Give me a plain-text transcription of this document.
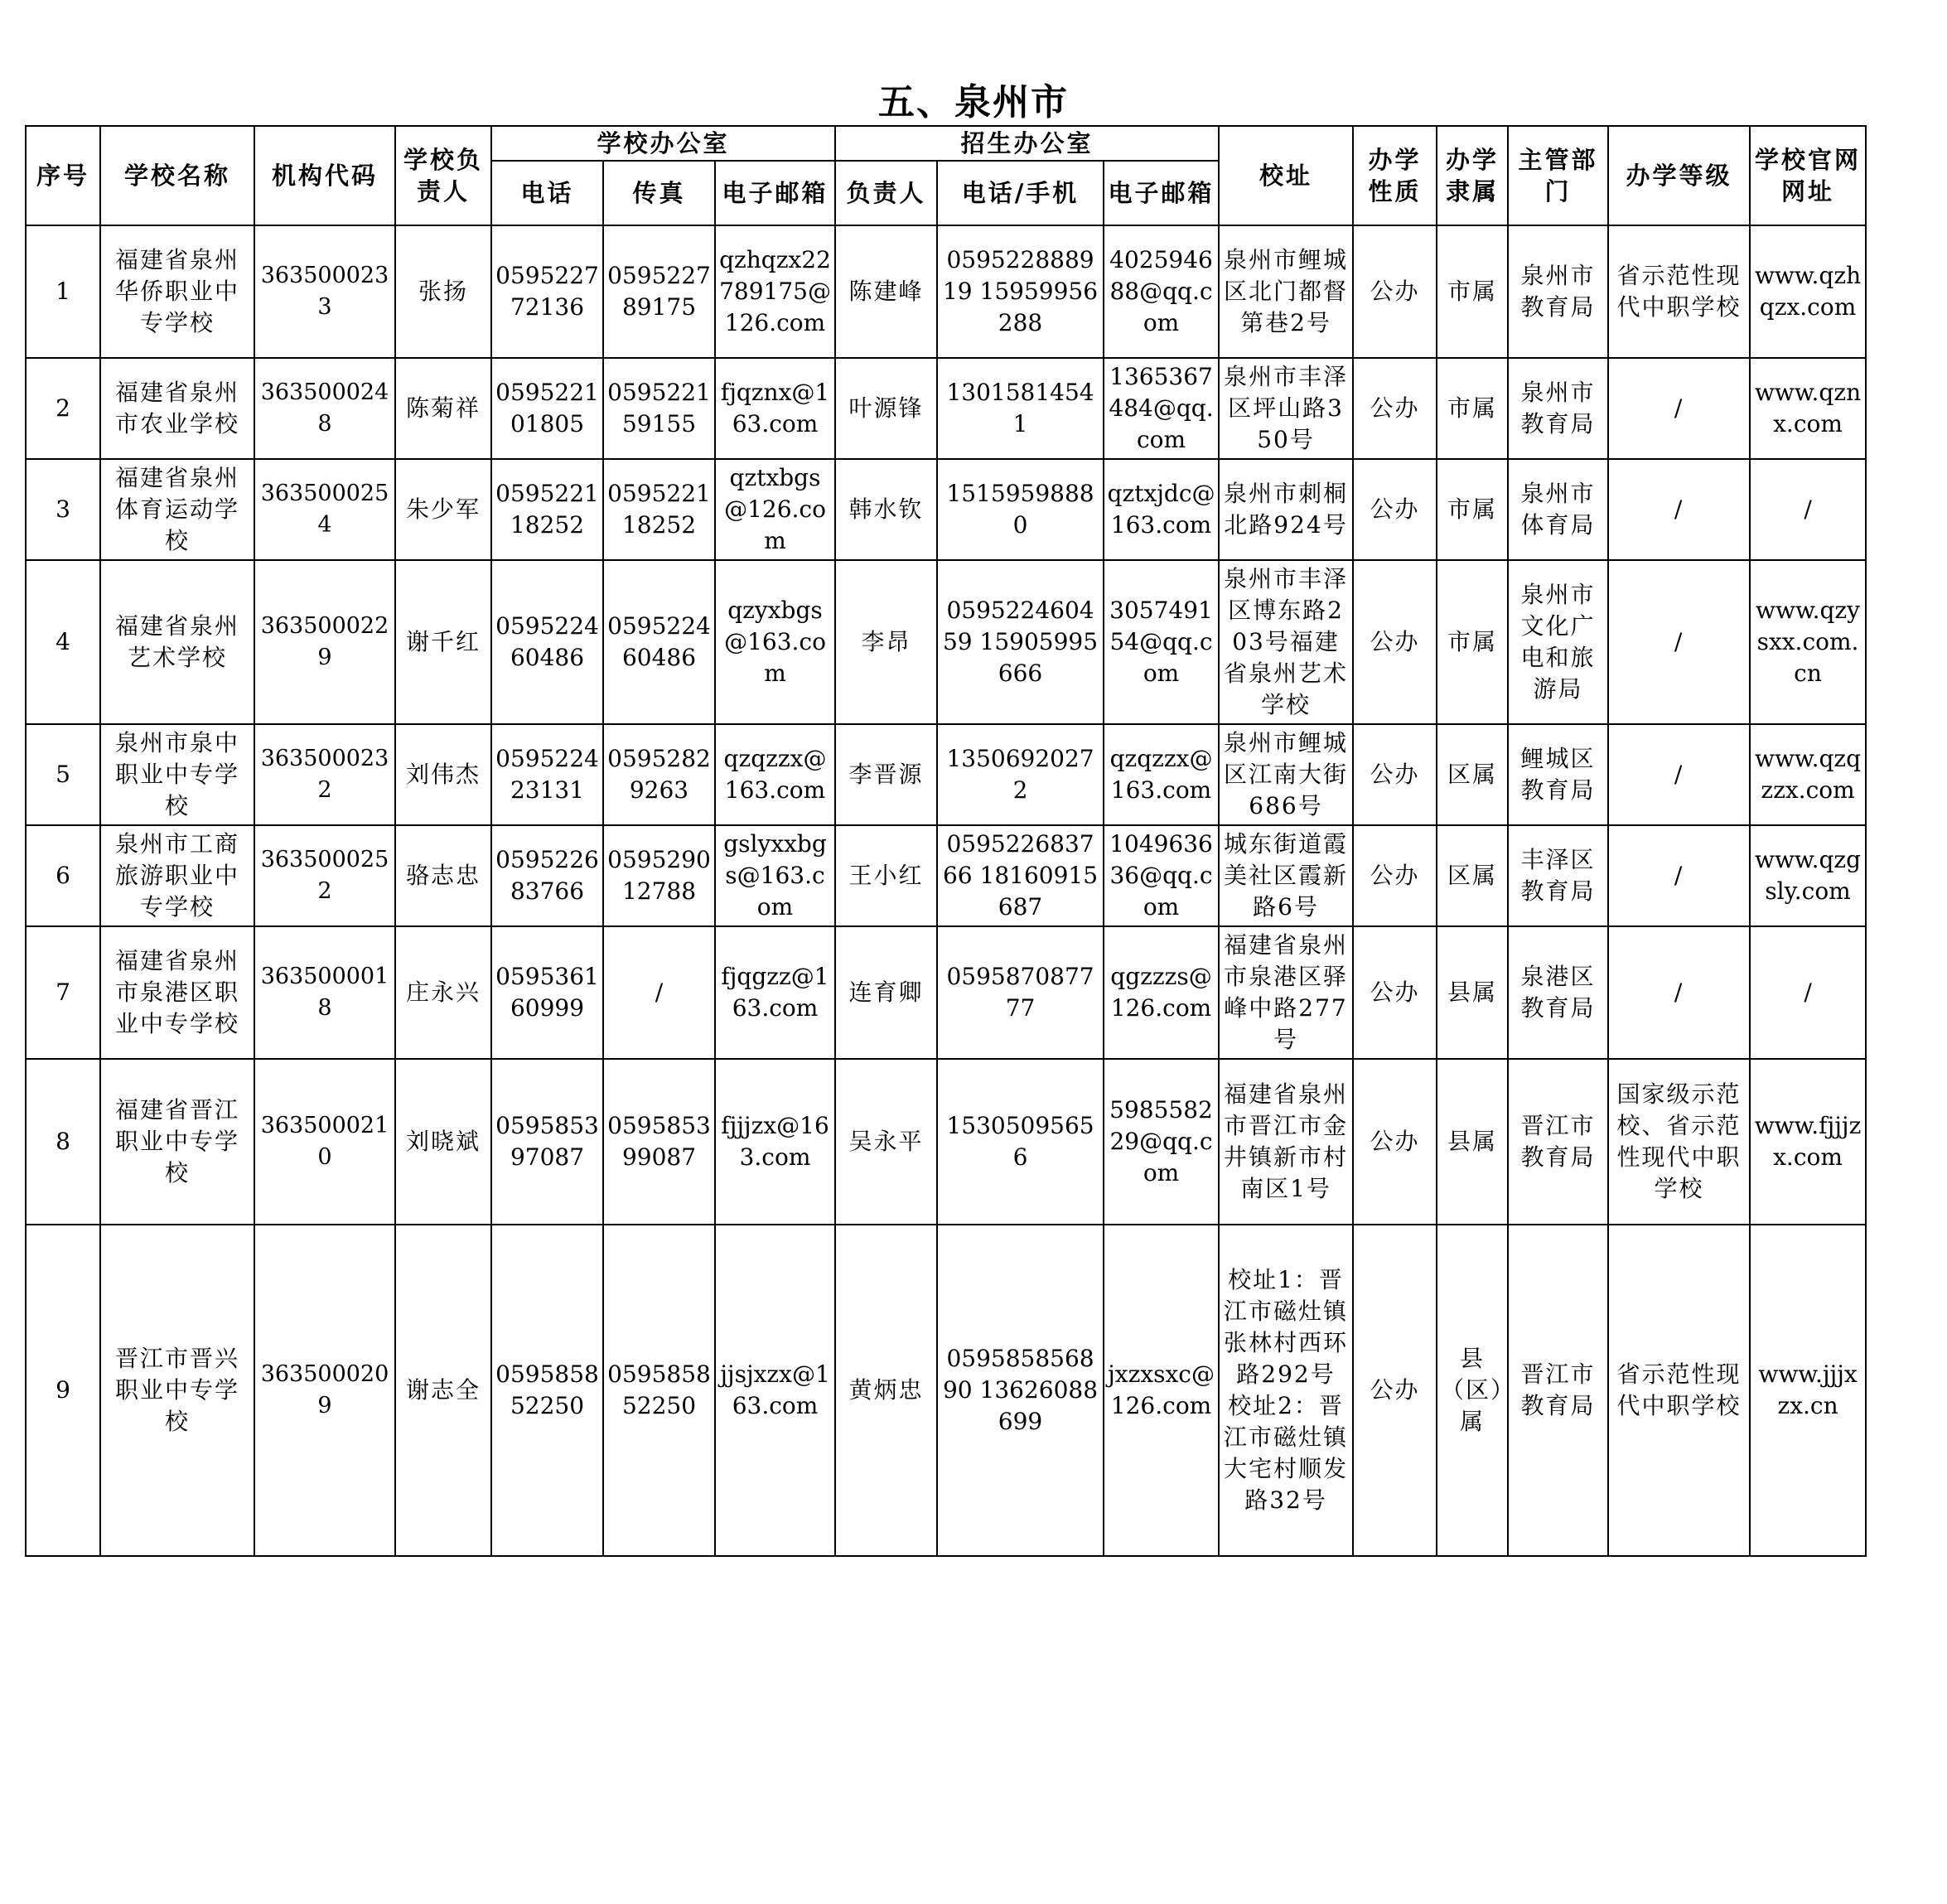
五、泉州市
序号	学校名称	机构代码	学校负责人	学校办公室			招生办公室			校址	办学性质	办学隶属	主管部门	办学等级	学校官网网址
				电话	传真	电子邮箱	负责人	电话/手机	电子邮箱						
1	福建省泉州华侨职业中专学校	3635000233	张扬	059522772136	059522789175	qzhqzx22789175@126.com	陈建峰	059522888919 15959956288	402594688@qq.com	泉州市鲤城区北门都督第巷2号	公办	市属	泉州市教育局	省示范性现代中职学校	www.qzhqzx.com
2	福建省泉州市农业学校	3635000248	陈菊祥	059522101805	059522159155	fjqznx@163.com	叶源锋	13015814541	1365367484@qq.com	泉州市丰泽区坪山路350号	公办	市属	泉州市教育局	/	www.qznx.com
3	福建省泉州体育运动学校	3635000254	朱少军	059522118252	059522118252	qztxbgs@126.com	韩水钦	15159598880	qztxjdc@163.com	泉州市刺桐北路924号	公办	市属	泉州市体育局	/	/
4	福建省泉州艺术学校	3635000229	谢千红	059522460486	059522460486	qzyxbgs@163.com	李昂	059522460459 15905995666	305749154@qq.com	泉州市丰泽区博东路203号福建省泉州艺术学校	公办	市属	泉州市文化广电和旅游局	/	www.qzysxx.com.cn
5	泉州市泉中职业中专学校	3635000232	刘伟杰	059522423131	05952829263	qzqzzx@163.com	李晋源	13506920272	qzqzzx@163.com	泉州市鲤城区江南大街686号	公办	区属	鲤城区教育局	/	www.qzqzzx.com
6	泉州市工商旅游职业中专学校	3635000252	骆志忠	059522683766	059529012788	gslyxxbgs@163.com	王小红	059522683766 18160915687	104963636@qq.com	城东街道霞美社区霞新路6号	公办	区属	丰泽区教育局	/	www.qzgsly.com
7	福建省泉州市泉港区职业中专学校	3635000018	庄永兴	059536160999	/	fjqgzz@163.com	连育卿	059587087777	qgzzzs@126.com	福建省泉州市泉港区驿峰中路277号	公办	县属	泉港区教育局	/	/
8	福建省晋江职业中专学校	3635000210	刘晓斌	059585397087	059585399087	fjjjzx@163.com	吴永平	15305095656	598558229@qq.com	福建省泉州市晋江市金井镇新市村南区1号	公办	县属	晋江市教育局	国家级示范校、省示范性现代中职学校	www.fjjjzx.com
9	晋江市晋兴职业中专学校	3635000209	谢志全	059585852250	059585852250	jjsjxzx@163.com	黄炳忠	059585856890 13626088699	jxzxsxc@126.com	校址1：晋江市磁灶镇张林村西环路292号 校址2：晋江市磁灶镇大宅村顺发路32号	公办	县（区）属	晋江市教育局	省示范性现代中职学校	www.jjjxzx.cn
